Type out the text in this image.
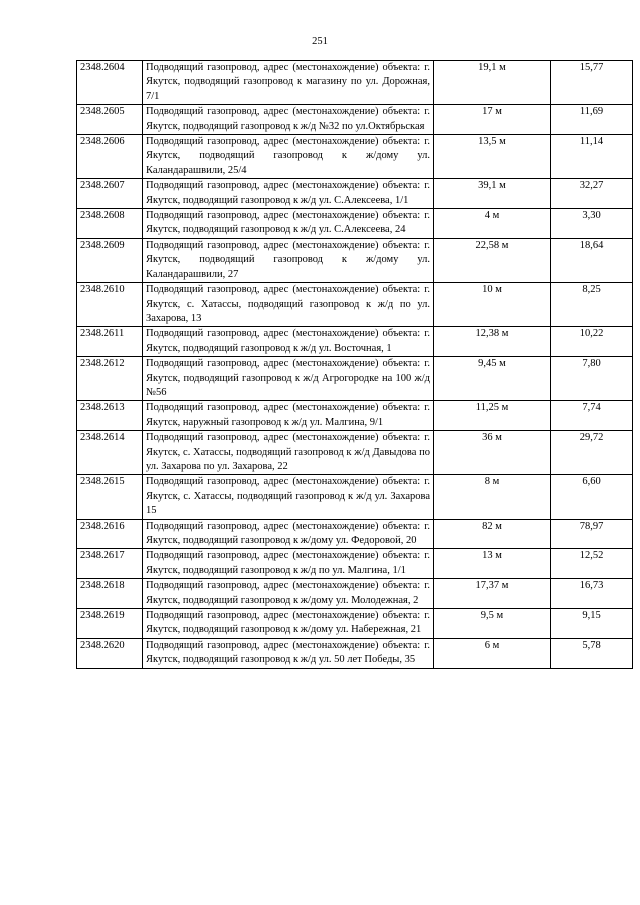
251
2348.2604	Подводящий газопровод, адрес (местонахождение) объекта: г. Якутск, подводящий газопровод к магазину по ул. Дорожная, 7/1	19,1 м	15,77
2348.2605	Подводящий газопровод, адрес (местонахождение) объекта: г. Якутск, подводящий газопровод к ж/д №32 по ул.Октябрьская	17 м	11,69
2348.2606	Подводящий газопровод, адрес (местонахождение) объекта: г. Якутск, подводящий газопровод к ж/дому ул. Каландарашвили, 25/4	13,5 м	11,14
2348.2607	Подводящий газопровод, адрес (местонахождение) объекта: г. Якутск, подводящий газопровод к ж/д ул. С.Алексеева, 1/1	39,1 м	32,27
2348.2608	Подводящий газопровод, адрес (местонахождение) объекта: г. Якутск, подводящий газопровод к ж/д ул. С.Алексеева, 24	4 м	3,30
2348.2609	Подводящий газопровод, адрес (местонахождение) объекта: г. Якутск, подводящий газопровод к ж/дому ул. Каландарашвили, 27	22,58 м	18,64
2348.2610	Подводящий газопровод, адрес (местонахождение) объекта: г. Якутск, с. Хатассы, подводящий газопровод к ж/д по ул. Захарова, 13	10 м	8,25
2348.2611	Подводящий газопровод, адрес (местонахождение) объекта: г. Якутск, подводящий газопровод к ж/д ул. Восточная, 1	12,38 м	10,22
2348.2612	Подводящий газопровод, адрес (местонахождение) объекта: г. Якутск, подводящий газопровод к ж/д Агрогородке на 100 ж/д №56	9,45 м	7,80
2348.2613	Подводящий газопровод, адрес (местонахождение) объекта: г. Якутск, наружный газопровод к ж/д ул. Малгина, 9/1	11,25 м	7,74
2348.2614	Подводящий газопровод, адрес (местонахождение) объекта: г. Якутск, с. Хатассы, подводящий газопровод к ж/д Давыдова по ул. Захарова по ул. Захарова, 22	36 м	29,72
2348.2615	Подводящий газопровод, адрес (местонахождение) объекта: г. Якутск, с. Хатассы, подводящий газопровод к ж/д ул. Захарова 15	8 м	6,60
2348.2616	Подводящий газопровод, адрес (местонахождение) объекта: г. Якутск, подводящий газопровод к ж/дому ул. Федоровой, 20	82 м	78,97
2348.2617	Подводящий газопровод, адрес (местонахождение) объекта: г. Якутск, подводящий газопровод к ж/д по ул. Малгина, 1/1	13 м	12,52
2348.2618	Подводящий газопровод, адрес (местонахождение) объекта: г. Якутск, подводящий газопровод к ж/дому ул. Молодежная, 2	17,37 м	16,73
2348.2619	Подводящий газопровод, адрес (местонахождение) объекта: г. Якутск, подводящий газопровод к ж/дому ул. Набережная, 21	9,5 м	9,15
2348.2620	Подводящий газопровод, адрес (местонахождение) объекта: г. Якутск, подводящий газопровод к ж/д ул. 50 лет Победы, 35	6 м	5,78
